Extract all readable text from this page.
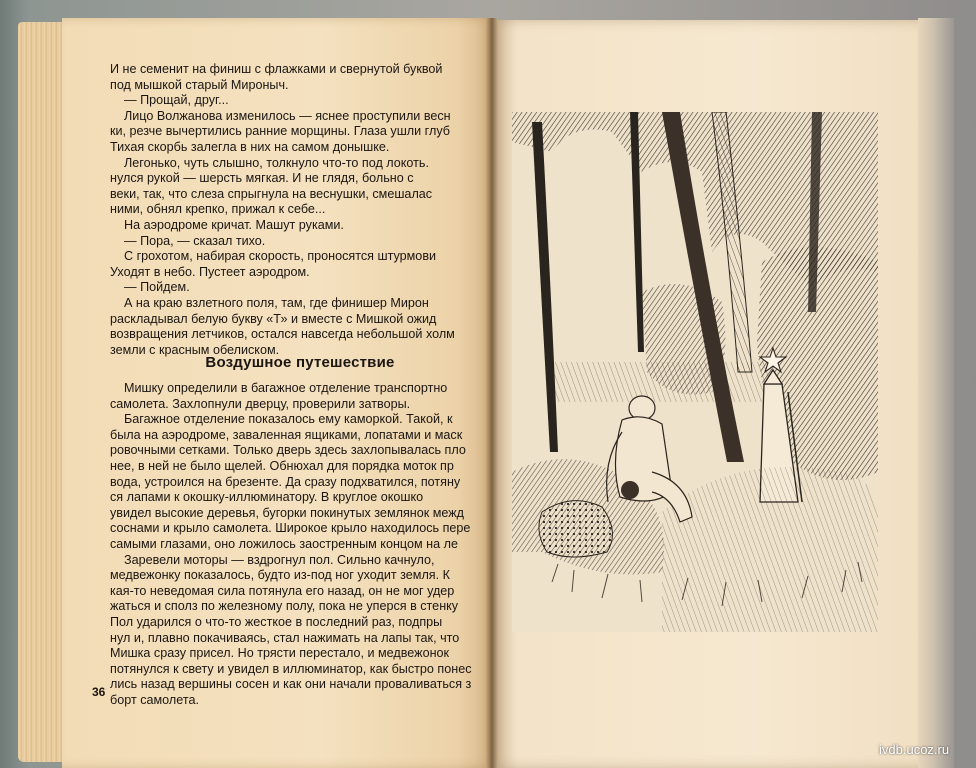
И не семенит на финиш с флажками и свернутой буквой
под мышкой старый Мироныч.
— Прощай, друг...
Лицо Волжанова изменилось — яснее проступили весн
ки, резче вычертились ранние морщины. Глаза ушли глуб
Тихая скорбь залегла в них на самом донышке.
Легонько, чуть слышно, толкнуло что-то под локоть.
нулся рукой — шерсть мягкая. И не глядя, больно с
веки, так, что слеза спрыгнула на веснушки, смешалас
ними, обнял крепко, прижал к себе...
На аэродроме кричат. Машут руками.
— Пора, — сказал тихо.
С грохотом, набирая скорость, проносятся штурмови
Уходят в небо. Пустеет аэродром.
— Пойдем.
А на краю взлетного поля, там, где финишер Мирон
раскладывал белую букву «Т» и вместе с Мишкой ожид
возвращения летчиков, остался навсегда небольшой холм
земли с красным обелиском.
Воздушное путешествие
Мишку определили в багажное отделение транспортно
самолета. Захлопнули дверцу, проверили затворы.
Багажное отделение показалось ему каморкой. Такой, к
была на аэродроме, заваленная ящиками, лопатами и маск
ровочными сетками. Только дверь здесь захлопывалась пло
нее, в ней не было щелей. Обнюхал для порядка моток пр
вода, устроился на брезенте. Да сразу подхватился, потяну
ся лапами к окошку-иллюминатору. В круглое окошко
увидел высокие деревья, бугорки покинутых землянок межд
соснами и крыло самолета. Широкое крыло находилось пере
самыми глазами, оно ложилось заостренным концом на ле
Заревели моторы — вздрогнул пол. Сильно качнуло,
медвежонку показалось, будто из-под ног уходит земля. К
кая-то неведомая сила потянула его назад, он не мог удер
жаться и сполз по железному полу, пока не уперся в стенку
Пол ударился о что-то жесткое в последний раз, подпры
нул и, плавно покачиваясь, стал нажимать на лапы так, что
Мишка сразу присел. Но трясти перестало, и медвежонок
потянулся к свету и увидел в иллюминатор, как быстро понес
лись назад вершины сосен и как они начали проваливаться з
борт самолета.
36
ivdb.ucoz.ru
